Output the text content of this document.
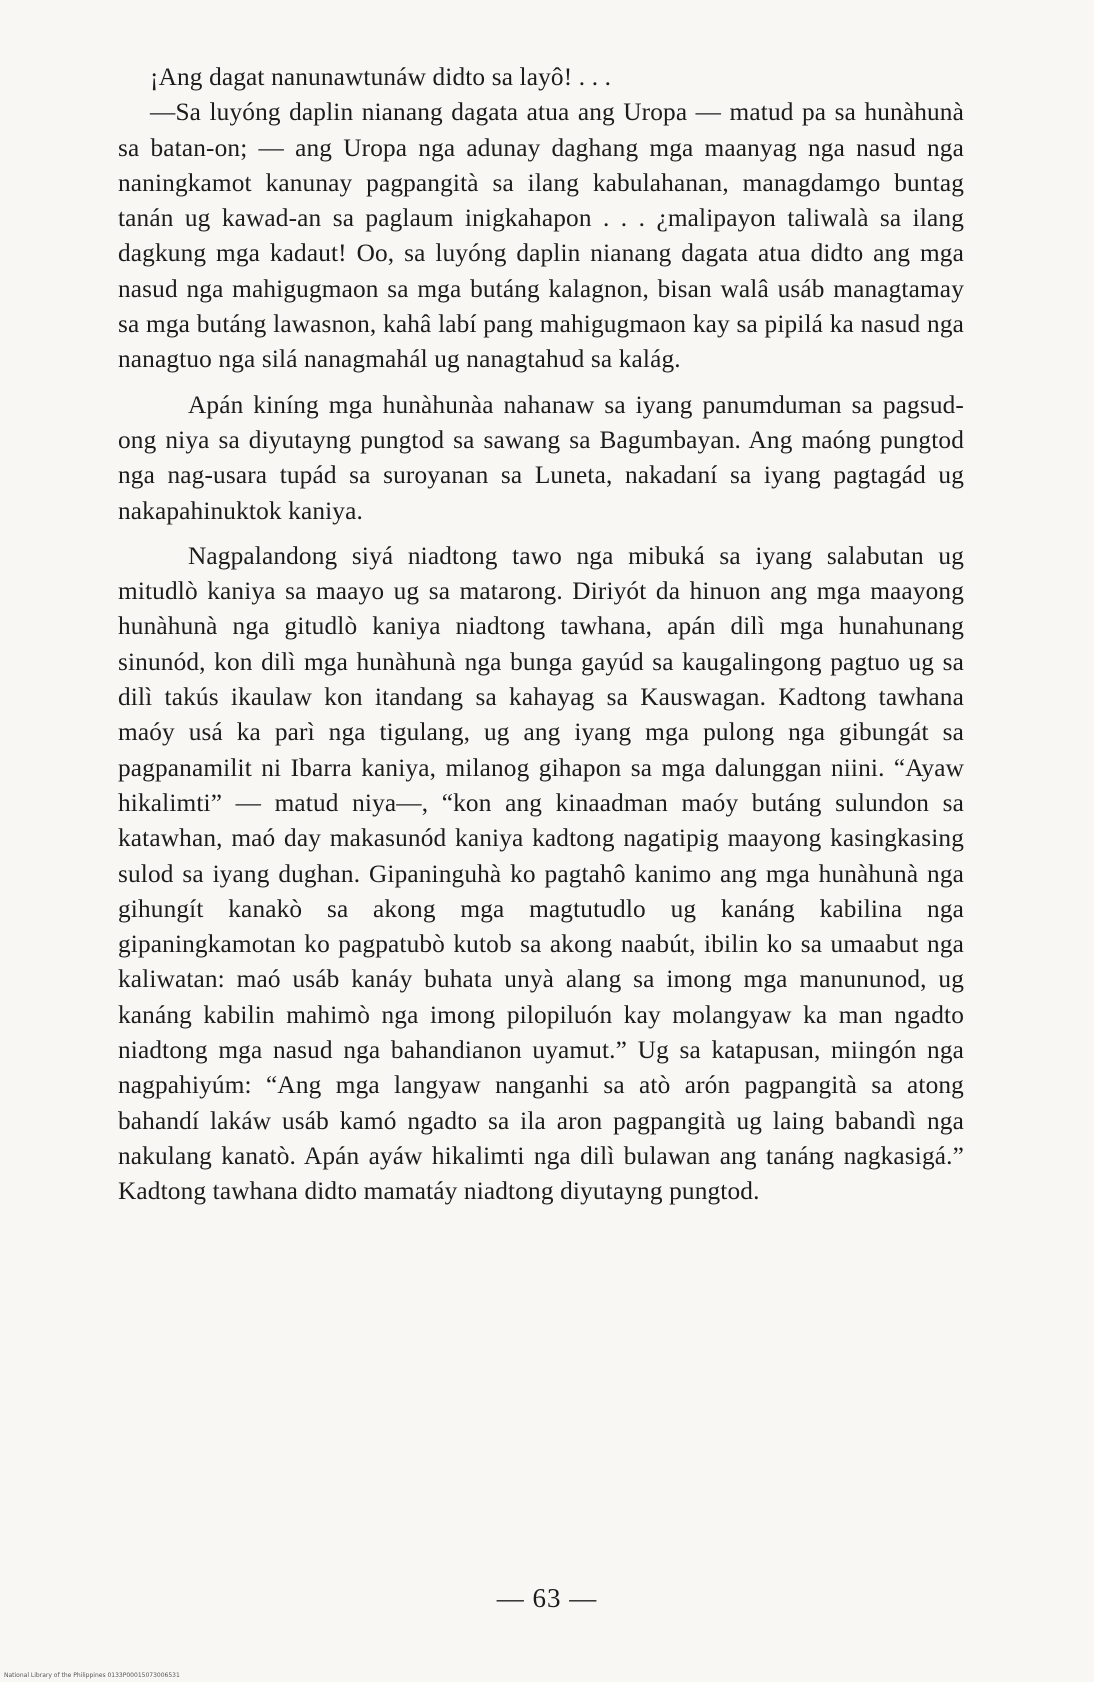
¡Ang dagat nanunawtunáw didto sa layô! . . .

—Sa luyóng daplin nianang dagata atua ang Uropa — matud pa sa hunàhunà sa batan-on; — ang Uropa nga adunay daghang mga maanyag nga nasud nga naningkamot kanunay pagpangità sa ilang kabulahanan, managdamgo buntag tanán ug kawad-an sa paglaum inigkahapon . . . ¿malipayon taliwalà sa ilang dagkung mga kadaut! Oo, sa luyóng daplin nianang dagata atua didto ang mga nasud nga mahigugmaon sa mga butáng kalagnon, bisan walâ usáb managtamay sa mga butáng lawasnon, kahâ labí pang mahigugmaon kay sa pipilá ka nasud nga nanagtuo nga silá nanagmahál ug nanagtahud sa kalág.

Apán kiníng mga hunàhunàa nahanaw sa iyang panumduman sa pagsud-ong niya sa diyutayng pungtod sa sawang sa Bagumbayan. Ang maóng pungtod nga nag-usara tupád sa suroyanan sa Luneta, nakadaní sa iyang pagtagád ug nakapahinuktok kaniya.

Nagpalandong siyá niadtong tawo nga mibuká sa iyang salabutan ug mitudlò kaniya sa maayo ug sa matarong. Diriyót da hinuon ang mga maayong hunàhunà nga gitudlò kaniya niadtong tawhana, apán dilì mga hunahunang sinunód, kon dilì mga hunàhunà nga bunga gayúd sa kaugalingong pagtuo ug sa dilì takús ikaulaw kon itandang sa kahayag sa Kauswagan. Kadtong tawhana maóy usá ka parì nga tigulang, ug ang iyang mga pulong nga gibungát sa pagpanamilit ni Ibarra kaniya, milanog gihapon sa mga dalunggan niini. “Ayaw hikalimti” — matud niya—, “kon ang kinaadman maóy butáng sulundon sa katawhan, maó day makasunód kaniya kadtong nagatipig maayong kasingkasing sulod sa iyang dughan. Gipaninguhà ko pagtahô kanimo ang mga hunàhunà nga gihungít kanakò sa akong mga magtutudlo ug kanáng kabilina nga gipaningkamotan ko pagpatubò kutob sa akong naabút, ibilin ko sa umaabut nga kaliwatan: maó usáb kanáy buhata unyà alang sa imong mga manununod, ug kanáng kabilin mahimò nga imong pilopiluón kay molangyaw ka man ngadto niadtong mga nasud nga bahandianon uyamut.” Ug sa katapusan, miingón nga nagpahiyúm: “Ang mga langyaw nanganhi sa atò arón pagpangità sa atong bahandí lakáw usáb kamó ngadto sa ila aron pagpangità ug laing babandì nga nakulang kanatò. Apán ayáw hikalimti nga dilì bulawan ang tanáng nagkasigá.” Kadtong tawhana didto mamatáy niadtong diyutayng pungtod.

— 63 —
National Library of the Philippines 0133P00015073006531
